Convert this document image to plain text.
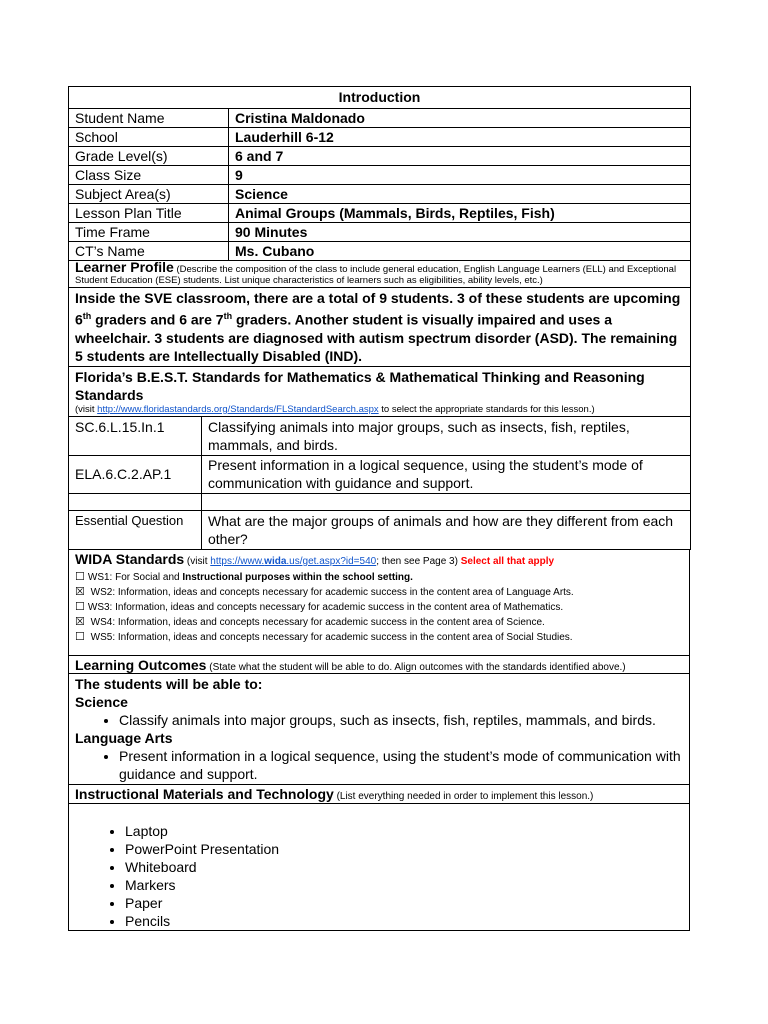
Introduction	
Student Name	Cristina Maldonado
School	Lauderhill 6-12
Grade Level(s)	6 and 7
Class Size	9
Subject Area(s)	Science
Lesson Plan Title	Animal Groups (Mammals, Birds, Reptiles, Fish)
Time Frame	90 Minutes
CT’s Name	Ms. Cubano
Learner Profile (Describe the composition of the class to include general education, English Language Learners (ELL) and Exceptional Student Education (ESE) students. List unique characteristics of learners such as eligibilities, ability levels, etc.)	
Inside the SVE classroom, there are a total of 9 students. 3 of these students are upcoming 6th graders and 6 are 7th graders. Another student is visually impaired and uses a wheelchair. 3 students are diagnosed with autism spectrum disorder (ASD). The remaining 5 students are Intellectually Disabled (IND).	

Florida’s B.E.S.T. Standards for Mathematics & Mathematical Thinking and Reasoning Standards
(visit http://www.floridastandards.org/Standards/FLStandardSearch.aspx to select the appropriate standards for this lesson.)	
SC.6.L.15.In.1	Classifying animals into major groups, such as insects, fish, reptiles, mammals, and birds.
ELA.6.C.2.AP.1	Present information in a logical sequence, using the student’s mode of communication with guidance and support.

Essential Question	What are the major groups of animals and how are they different from each other?
WIDA Standards (visit https://www.wida.us/get.aspx?id=540; then see Page 3) Select all that apply
☐ WS1: For Social and Instructional purposes within the school setting.
☒ WS2: Information, ideas and concepts necessary for academic success in the content area of Language Arts.
☐ WS3: Information, ideas and concepts necessary for academic success in the content area of Mathematics.
☒ WS4: Information, ideas and concepts necessary for academic success in the content area of Science.
☐ WS5: Information, ideas and concepts necessary for academic success in the content area of Social Studies.

Learning Outcomes (State what the student will be able to do. Align outcomes with the standards identified above.)

The students will be able to:
Science
• Classify animals into major groups, such as insects, fish, reptiles, mammals, and birds.
Language Arts
• Present information in a logical sequence, using the student’s mode of communication with guidance and support.

Instructional Materials and Technology (List everything needed in order to implement this lesson.)

• Laptop
• PowerPoint Presentation
• Whiteboard
• Markers
• Paper
• Pencils
